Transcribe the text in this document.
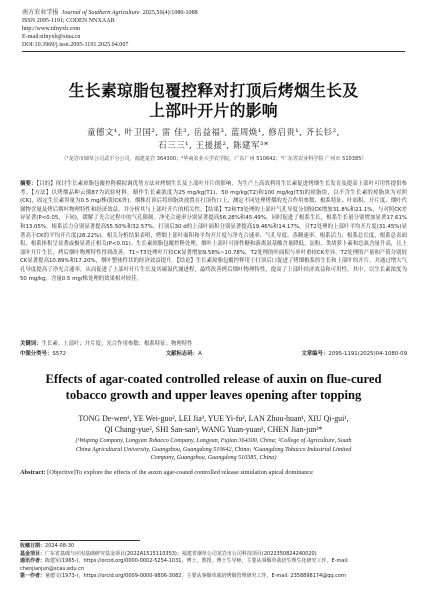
南方农业学报 Journal of Southern Agriculture 2025,56(4):1080-1088
ISSN 2095-1191; CODEN NNXAAB
http://www.nfnyxb.com
E-mail:nfnyxb@sina.cn
DOI:10.3969/j.issn.2095-1191.2025.04.007
生长素琼脂包覆控释对打顶后烤烟生长及
上部叶开片的影响
童德文¹, 叶卫国², 雷 佳³, 岳益福³, 蓝周焕¹, 修启贵¹, 齐长钐²,
石三三¹, 王援援², 陈建军³*
（¹龙岩市烟草公司武平分公司，福建龙岩 364300；²华南农业大学农学院，广东广州 510642；³广东省农业科学院 广州市 510385）
摘要：【目的】探讨生长素琼脂包覆控释模拟调优势方法对烤烟生长及上部叶开片的影响，为生产上高效利用生长素促进烤烟生长发育及提高上部叶可用性提供参考。【方法】以烤烟品种云烟87为试验材料，制作生长素浓度为25 mg/kg(T1)、50 mg/kg(T2)和100 mg/kg(T3)的琼脂块，以不含生长素的琼脂块为对照(CK)，固定生长素用量为0.5 mg/株(阳CK外)。烟株打顶后将琼脂块放置在打顶伤口上，测定不同处理烤烟的光合作用参数、根系特征、叶面积、开片度、烟叶代谢物含量及烤后烟叶物理特性和经济效益，并分析其与上部叶开片的相关性。【结果】T2和T3处理的上部叶气孔导度分别较CK增加31.8%和21.1%，与对照CK差异显著(P<0.05，下同)，缓解了光合过程中的气孔限制。净光合速率分别显著提高56.28%和45.49%，同时促进了根系生长，根系生长量分别增加显著17.61%和13.05%，根系活力分别显著提高55.50%和32.57%。打顶后30 d的上部叶面积分别显著提高19.46%和14.17%，且T2处理的上部叶平均开片度(31.45%)显著高于CK的平均开片度(28.22%)。相关分析结果表明，烤烟上部叶面积和平均开片度与净光合速率、气孔导度、蒸腾速率、根系活力、根系总长度、根系总表面积、根系体积呈显著或极显著正相关(P<0.01)。生长素琼脂包覆控释处理，烟叶上部叶可溶性糖和游离氨基酸含量降低，淀粉、类胡萝卜素和总氮含量升高，且上部叶开片生长，烤后烟叶物理特性得到改善，T1~T3处理叶片较CK显著增加9.58%~10.78%，T2处理的叶面积与单叶重较CK差异，T2处理的产量和产值分别较CK显著提高10.89%和17.20%，烟叶整体性状的经济效益提升。【结论】生长素琼脂包覆控释用于打顶后口促进了烤烟根系的生长和上部叶的开片，并通过增大气孔导度提高了净光合速率，从而促进了上部叶开片生长及其碳氮代谢进程，最终改善烤后烟叶物理特性，提高了上部叶经济效益和可用性。其中，以生长素浓度为50 mg/kg，含量0.5 mg/株处理的效果相对较佳。
关键词：生长素；上部叶；开片度；光合作用参数；根系特征；物理特性
中图分类号：S572	文献标志码：A	文章编号：2095-1191(2025)04-1080-09
Effects of agar-coated controlled release of auxin on flue-cured
tobacco growth and upper leaves opening after topping
TONG De-wen¹, YE Wei-guo², LEI Jia³, YUE Yi-fu², LAN Zhou-huan¹, XIU Qi-gui¹,
QI Chang-yue², SHI San-san³, WANG Yuan-yuan², CHEN Jian-jun³*
(¹Wuping Company, Longyan Tobacco Company, Longyan, Fujian 364300, China; ²College of Agriculture, South
China Agricultural University, Guangzhou, Guangdong 510642, China; ³Guangdong Tobacco Industrial Limited
Company, Guangzhou, Guangdong 510385, China)
Abstract: [Objective]To explore the effects of the auxin agar-coated controlled release simulation apical dominance
收稿日期：2024-08-30
基金项目：广东省基础与应用基础研究基金项目(2022A1515110353)；福建省烟草公司龙岩市公司科技项目(2022350824240020)
通讯作者：陈建军(1965-)，https://orcid.org/0000-0002-5254-1031，博士，教授，博士生导师，主要从事烟草栽培生理生化研究工作，E-mail: chenjianjun@scau.edu.cn
第一作者：童德文(1973-)，https://orcid.org/0009-0000-9806-3082，主要从事烟草栽培烤烟管理研究工作，E-mail: 2358898174@qq.com
